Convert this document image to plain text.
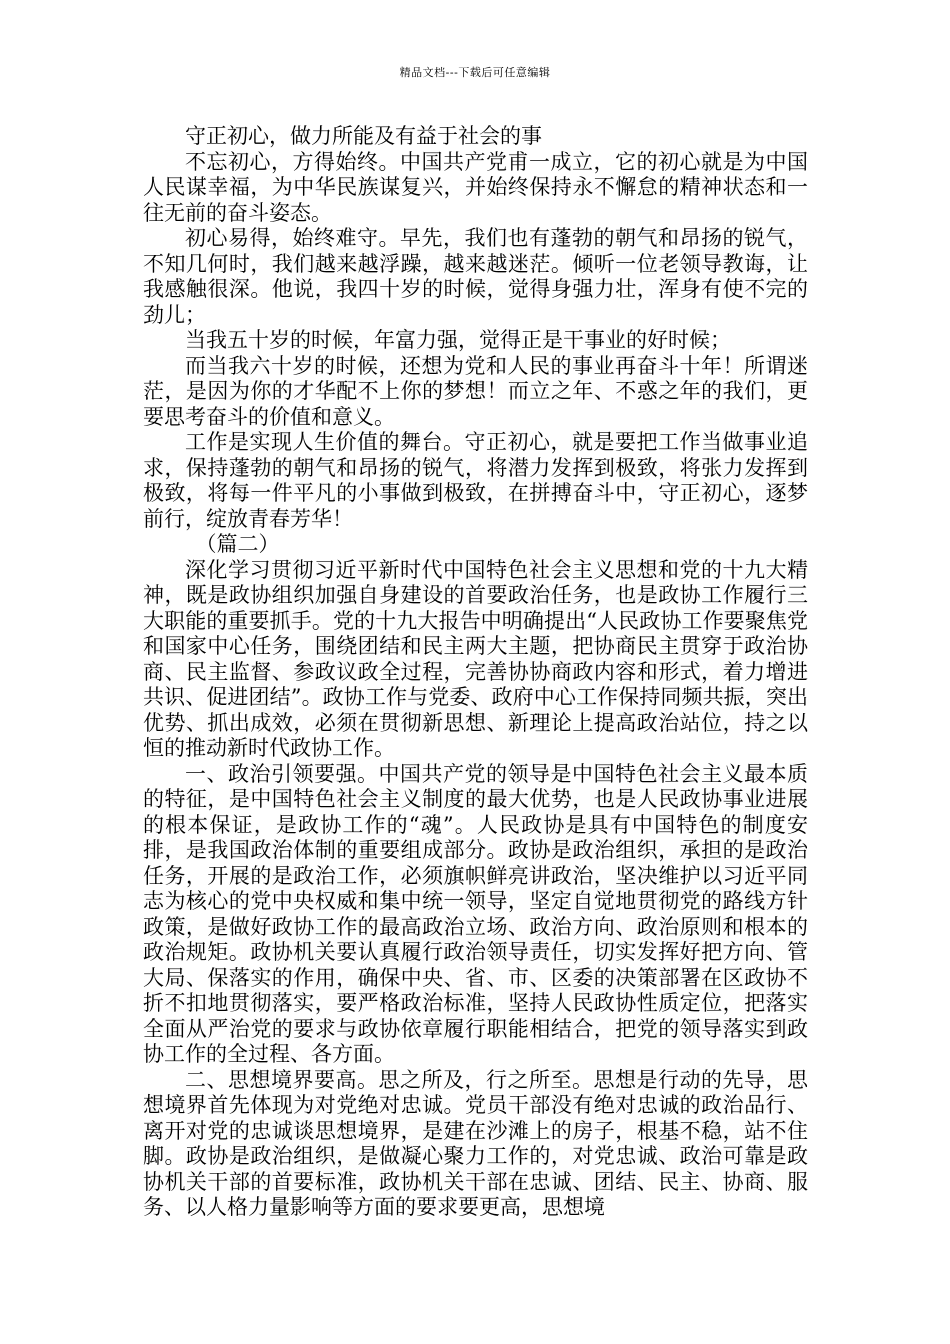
精品文档---下载后可任意编辑

守正初心，做力所能及有益于社会的事

不忘初心，方得始终。中国共产党甫一成立，它的初心就是为中国人民谋幸福，为中华民族谋复兴，并始终保持永不懈怠的精神状态和一往无前的奋斗姿态。

初心易得，始终难守。早先，我们也有蓬勃的朝气和昂扬的锐气，不知几何时，我们越来越浮躁，越来越迷茫。倾听一位老领导教诲，让我感触很深。他说，我四十岁的时候，觉得身强力壮，浑身有使不完的劲儿；

当我五十岁的时候，年富力强，觉得正是干事业的好时候；

而当我六十岁的时候，还想为党和人民的事业再奋斗十年！所谓迷茫，是因为你的才华配不上你的梦想！而立之年、不惑之年的我们，更要思考奋斗的价值和意义。

工作是实现人生价值的舞台。守正初心，就是要把工作当做事业追求，保持蓬勃的朝气和昂扬的锐气，将潜力发挥到极致，将张力发挥到极致，将每一件平凡的小事做到极致，在拼搏奋斗中，守正初心，逐梦前行，绽放青春芳华！

（篇二）

深化学习贯彻习近平新时代中国特色社会主义思想和党的十九大精神，既是政协组织加强自身建设的首要政治任务，也是政协工作履行三大职能的重要抓手。党的十九大报告中明确提出“人民政协工作要聚焦党和国家中心任务，围绕团结和民主两大主题，把协商民主贯穿于政治协商、民主监督、参政议政全过程，完善协协商政内容和形式，着力增进共识、促进团结”。政协工作与党委、政府中心工作保持同频共振，突出优势、抓出成效，必须在贯彻新思想、新理论上提高政治站位，持之以恒的推动新时代政协工作。

一、政治引领要强。中国共产党的领导是中国特色社会主义最本质的特征，是中国特色社会主义制度的最大优势，也是人民政协事业进展的根本保证，是政协工作的“魂”。人民政协是具有中国特色的制度安排，是我国政治体制的重要组成部分。政协是政治组织，承担的是政治任务，开展的是政治工作，必须旗帜鲜亮讲政治，坚决维护以习近平同志为核心的党中央权威和集中统一领导，坚定自觉地贯彻党的路线方针政策，是做好政协工作的最高政治立场、政治方向、政治原则和根本的政治规矩。政协机关要认真履行政治领导责任，切实发挥好把方向、管大局、保落实的作用，确保中央、省、市、区委的决策部署在区政协不折不扣地贯彻落实，要严格政治标准，坚持人民政协性质定位，把落实全面从严治党的要求与政协依章履行职能相结合，把党的领导落实到政协工作的全过程、各方面。

二、思想境界要高。思之所及，行之所至。思想是行动的先导，思想境界首先体现为对党绝对忠诚。党员干部没有绝对忠诚的政治品行、离开对党的忠诚谈思想境界，是建在沙滩上的房子，根基不稳，站不住脚。政协是政治组织，是做凝心聚力工作的，对党忠诚、政治可靠是政协机关干部的首要标准，政协机关干部在忠诚、团结、民主、协商、服务、以人格力量影响等方面的要求要更高，思想境
